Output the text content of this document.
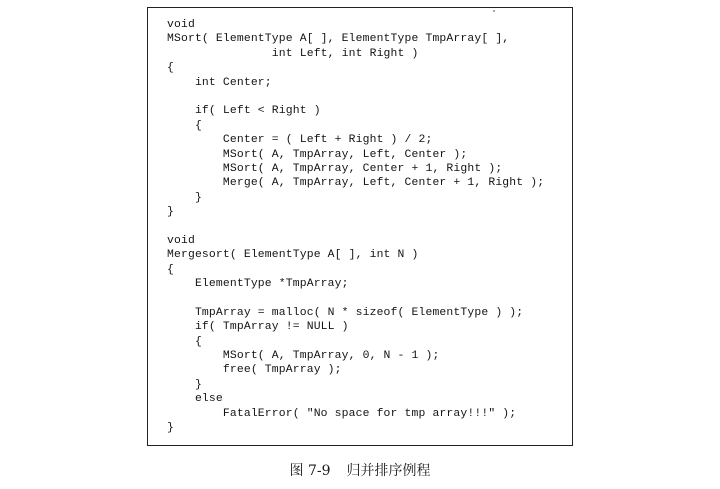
void
MSort( ElementType A[ ], ElementType TmpArray[ ],
int Left, int Right )
{
int Center;
if( Left < Right )
{
Center = ( Left + Right ) / 2;
MSort( A, TmpArray, Left, Center );
MSort( A, TmpArray, Center + 1, Right );
Merge( A, TmpArray, Left, Center + 1, Right );
}
}
void
Mergesort( ElementType A[ ], int N )
{
ElementType *TmpArray;
TmpArray = malloc( N * sizeof( ElementType ) );
if( TmpArray != NULL )
{
MSort( A, TmpArray, 0, N - 1 );
free( TmpArray );
}
else
FatalError( "No space for tmp array!!!" );
}
图 7-9 归并排序例程
